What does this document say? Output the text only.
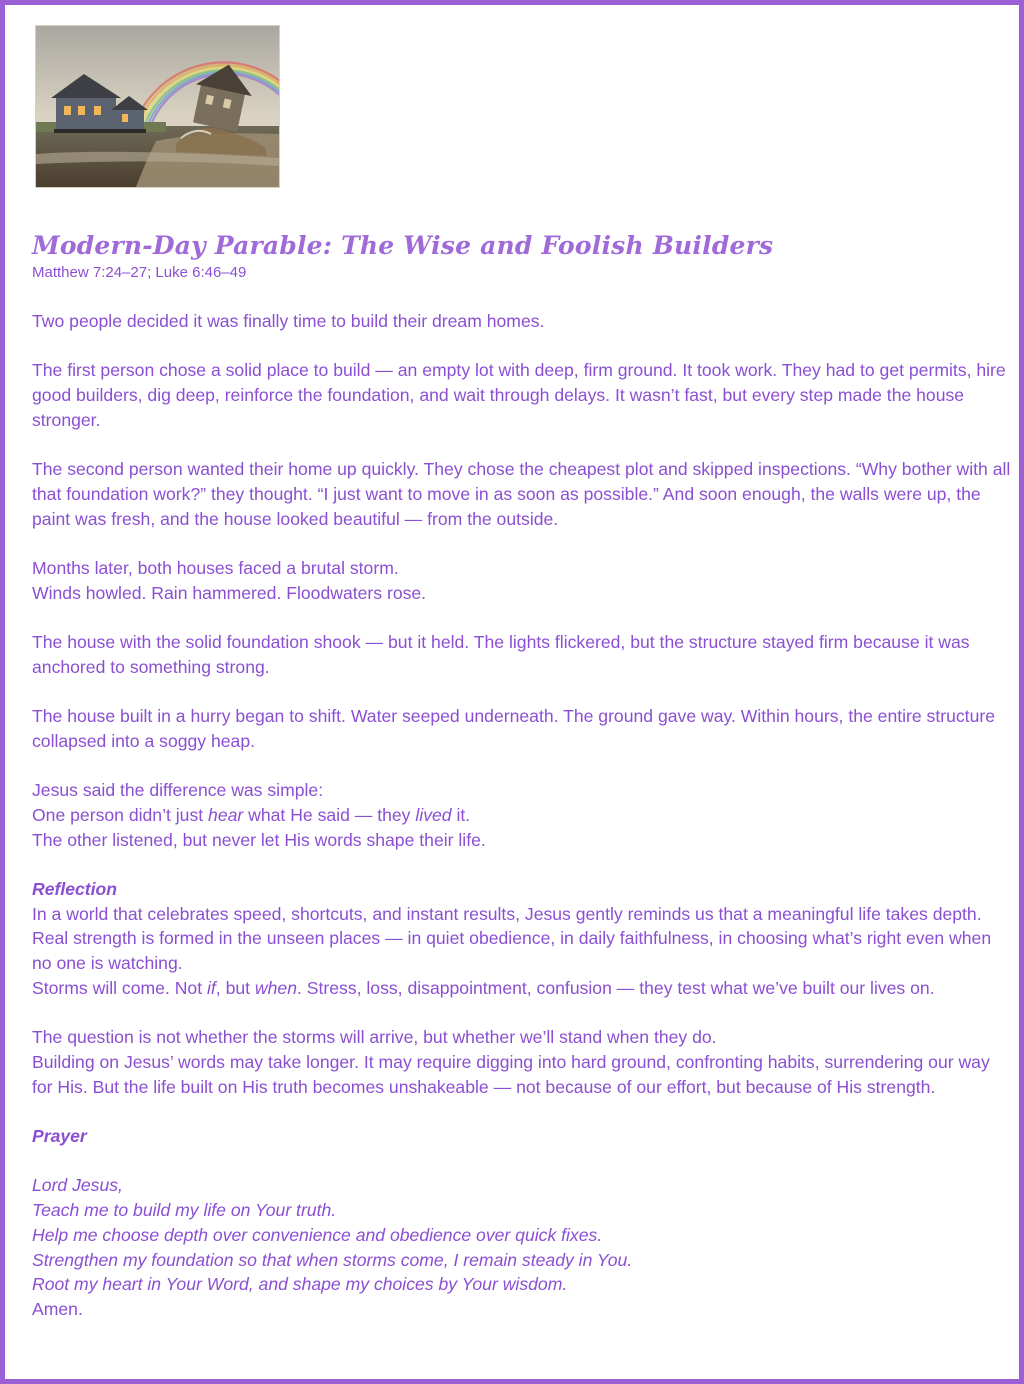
Modern-Day Parable: The Wise and Foolish Builders

Matthew 7:24–27; Luke 6:46–49

Two people decided it was finally time to build their dream homes.

The first person chose a solid place to build — an empty lot with deep, firm ground. It took work. They had to get permits, hire good builders, dig deep, reinforce the foundation, and wait through delays. It wasn’t fast, but every step made the house stronger.

The second person wanted their home up quickly. They chose the cheapest plot and skipped inspections. “Why bother with all that foundation work?” they thought. “I just want to move in as soon as possible.” And soon enough, the walls were up, the paint was fresh, and the house looked beautiful — from the outside.

Months later, both houses faced a brutal storm.

Winds howled. Rain hammered. Floodwaters rose.

The house with the solid foundation shook — but it held. The lights flickered, but the structure stayed firm because it was anchored to something strong.

The house built in a hurry began to shift. Water seeped underneath. The ground gave way. Within hours, the entire structure collapsed into a soggy heap.

Jesus said the difference was simple:

One person didn’t just hear what He said — they lived it.

The other listened, but never let His words shape their life.

Reflection

In a world that celebrates speed, shortcuts, and instant results, Jesus gently reminds us that a meaningful life takes depth. Real strength is formed in the unseen places — in quiet obedience, in daily faithfulness, in choosing what’s right even when no one is watching.

Storms will come. Not if, but when. Stress, loss, disappointment, confusion — they test what we’ve built our lives on.

The question is not whether the storms will arrive, but whether we’ll stand when they do.

Building on Jesus’ words may take longer. It may require digging into hard ground, confronting habits, surrendering our way for His. But the life built on His truth becomes unshakeable — not because of our effort, but because of His strength.

Prayer

Lord Jesus,

Teach me to build my life on Your truth.

Help me choose depth over convenience and obedience over quick fixes.

Strengthen my foundation so that when storms come, I remain steady in You.

Root my heart in Your Word, and shape my choices by Your wisdom.

Amen.
